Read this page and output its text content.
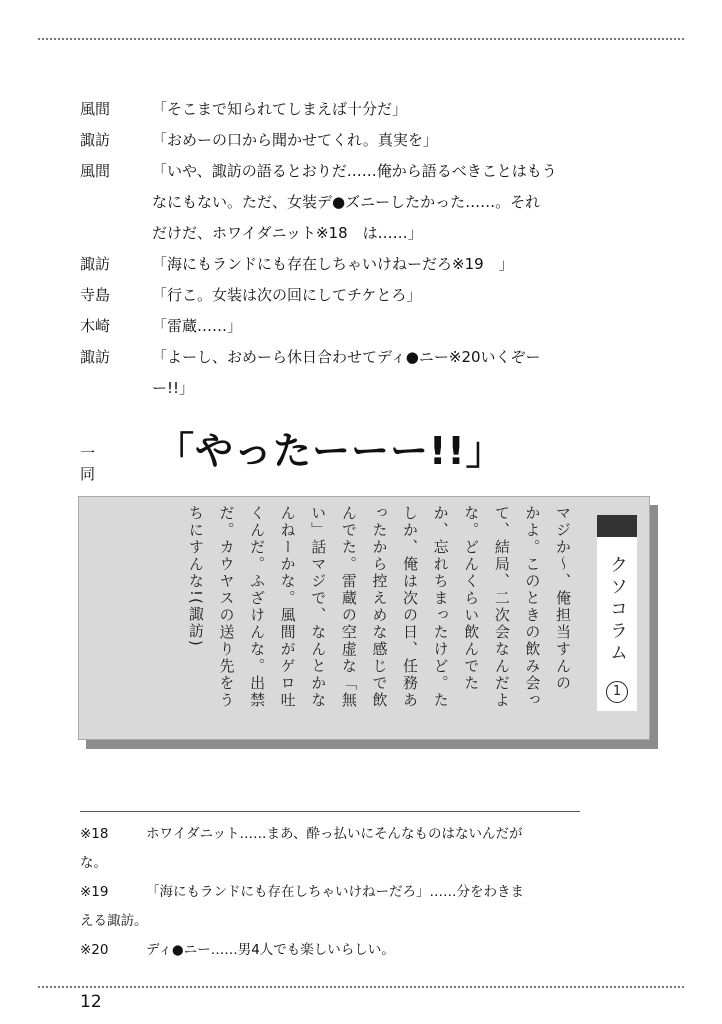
風間	「そこまで知られてしまえば十分だ」
諏訪	「おめーの口から聞かせてくれ。真実を」
風間	「いや、諏訪の語るとおりだ……俺から語るべきことはもう
なにもない。ただ、女装デ●ズニーしたかった……。それ
だけだ、ホワイダニット※18　は……」
諏訪	「海にもランドにも存在しちゃいけねーだろ※19　」
寺島	「行こ。女装は次の回にしてチケとろ」
木崎	「雷蔵……」
諏訪	「よーし、おめーら休日合わせてディ●ニー※20いくぞー
ー!!」
一同
「やったーーー!!」
マジか〜、俺担当すんの
かよ。このときの飲み会っ
て、結局、二次会なんだよ
な。どんくらい飲んでた
か、忘れちまったけど。た
しか、俺は次の日、任務あ
ったから控えめな感じで飲
んでた。雷蔵の空虚な「無
い」話マジで、なんとかな
んねーかな。風間がゲロ吐
くんだ。ふざけんな。出禁
だ。カウヤスの送り先をう
ちにすんな!(諏訪)	クソコラム
1
※18	ホワイダニット……まあ、酔っ払いにそんなものはないんだが
な。
※19	「海にもランドにも存在しちゃいけねーだろ」……分をわきま
える諏訪。
※20	ディ●ニー……男4人でも楽しいらしい。
12
